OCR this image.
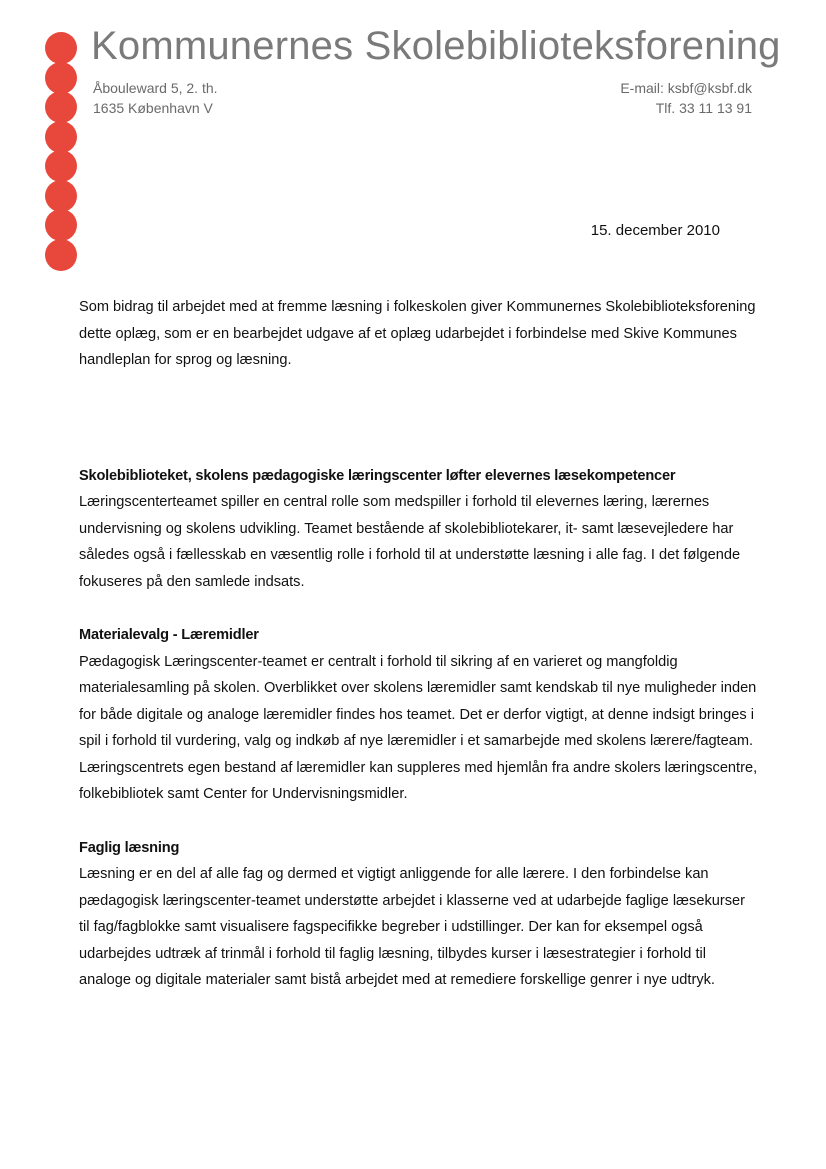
Kommunernes Skolebiblioteksforening
Åbouleward 5, 2. th.
1635 København V
E-mail: ksbf@ksbf.dk
Tlf. 33 11 13 91
15. december 2010

Som bidrag til arbejdet med at fremme læsning i folkeskolen giver Kommunernes Skolebiblioteksforening dette oplæg, som er en bearbejdet udgave af et oplæg udarbejdet i forbindelse med Skive Kommunes handleplan for sprog og læsning.

Skolebiblioteket, skolens pædagogiske læringscenter løfter elevernes læsekompetencer

Læringscenterteamet spiller en central rolle som medspiller i forhold til elevernes læring, lærernes undervisning og skolens udvikling. Teamet bestående af skolebibliotekarer, it- samt læsevejledere har således også i fællesskab en væsentlig rolle i forhold til at understøtte læsning i alle fag. I det følgende fokuseres på den samlede indsats.

Materialevalg - Læremidler

Pædagogisk Læringscenter-teamet er centralt i forhold til sikring af en varieret og mangfoldig materialesamling på skolen. Overblikket over skolens læremidler samt kendskab til nye muligheder inden for både digitale og analoge læremidler findes hos teamet. Det er derfor vigtigt, at denne indsigt bringes i spil i forhold til vurdering, valg og indkøb af nye læremidler i et samarbejde med skolens lærere/fagteam.

Læringscentrets egen bestand af læremidler kan suppleres med hjemlån fra andre skolers læringscentre, folkebibliotek samt Center for Undervisningsmidler.

Faglig læsning

Læsning er en del af alle fag og dermed et vigtigt anliggende for alle lærere. I den forbindelse kan pædagogisk læringscenter-teamet understøtte arbejdet i klasserne ved at udarbejde faglige læsekurser til fag/fagblokke samt visualisere fagspecifikke begreber i udstillinger. Der kan for eksempel også udarbejdes udtræk af trinmål i forhold til faglig læsning, tilbydes kurser i læsestrategier i forhold til analoge og digitale materialer samt bistå arbejdet med at remediere forskellige genrer i nye udtryk.
